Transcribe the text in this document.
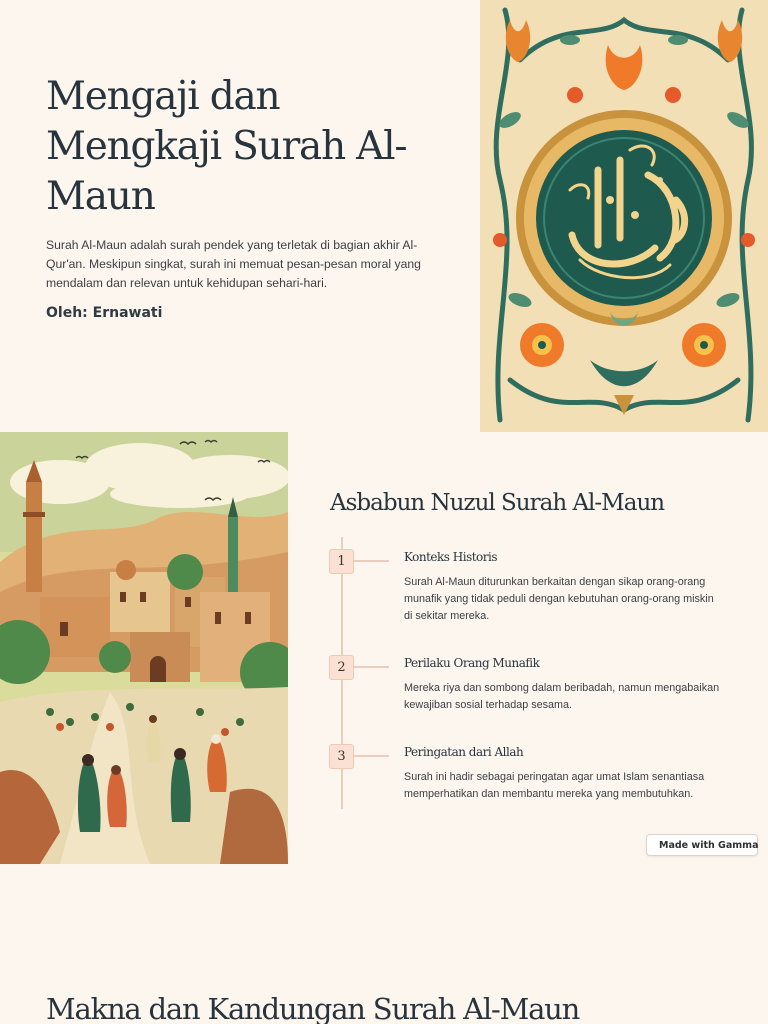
Mengaji dan Mengkaji Surah Al-Maun

Surah Al-Maun adalah surah pendek yang terletak di bagian akhir Al-Qur'an. Meskipun singkat, surah ini memuat pesan-pesan moral yang mendalam dan relevan untuk kehidupan sehari-hari.

Oleh: Ernawati

Asbabun Nuzul Surah Al-Maun
1	Konteks Historis

Surah Al-Maun diturunkan berkaitan dengan sikap orang-orang munafik yang tidak peduli dengan kebutuhan orang-orang miskin di sekitar mereka.

2	Perilaku Orang Munafik

Mereka riya dan sombong dalam beribadah, namun mengabaikan kewajiban sosial terhadap sesama.

3	Peringatan dari Allah

Surah ini hadir sebagai peringatan agar umat Islam senantiasa memperhatikan dan membantu mereka yang membutuhkan.

Made with Gamma
Makna dan Kandungan Surah Al-Maun
